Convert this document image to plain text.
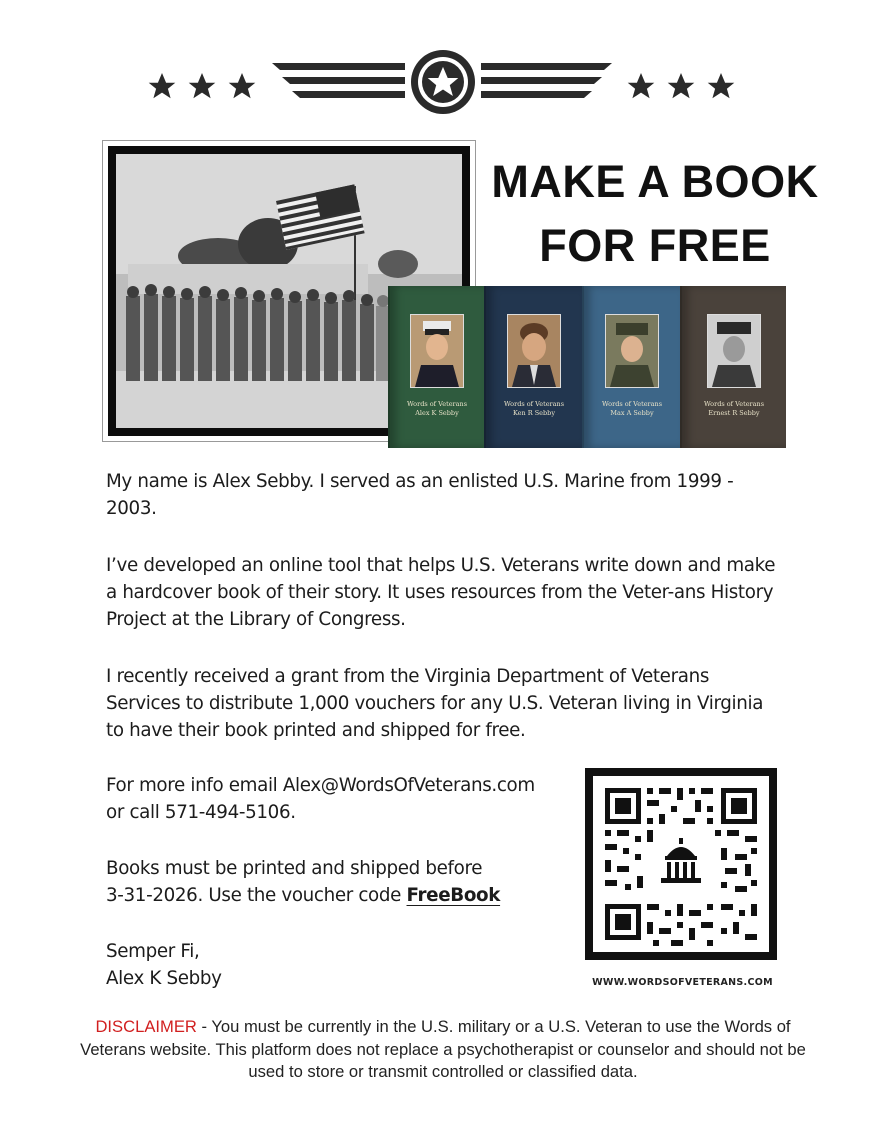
MAKE A BOOK
FOR FREE
Words of Veterans
Alex K Sebby
Words of Veterans
Ken R Sebby
Words of Veterans
Max A Sebby
Words of Veterans
Ernest R Sebby
My name is Alex Sebby. I served as an enlisted U.S. Marine from 1999 - 2003.
I’ve developed an online tool that helps U.S. Veterans write down and make a hardcover book of their story. It uses resources from the Veter-ans History Project at the Library of Congress.
I recently received a grant from the Virginia Department of Veterans Services to distribute 1,000 vouchers for any U.S. Veteran living in Virginia to have their book printed and shipped for free.
For more info email Alex@WordsOfVeterans.com
or call 571-494-5106.
Books must be printed and shipped before
3-31-2026. Use the voucher code FreeBook
Semper Fi,
Alex K Sebby	WWW.WORDSOFVETERANS.COM
DISCLAIMER - You must be currently in the U.S. military or a U.S. Veteran to use the Words of Veterans website. This platform does not replace a psychotherapist or counselor and should not be used to store or transmit controlled or classified data.
